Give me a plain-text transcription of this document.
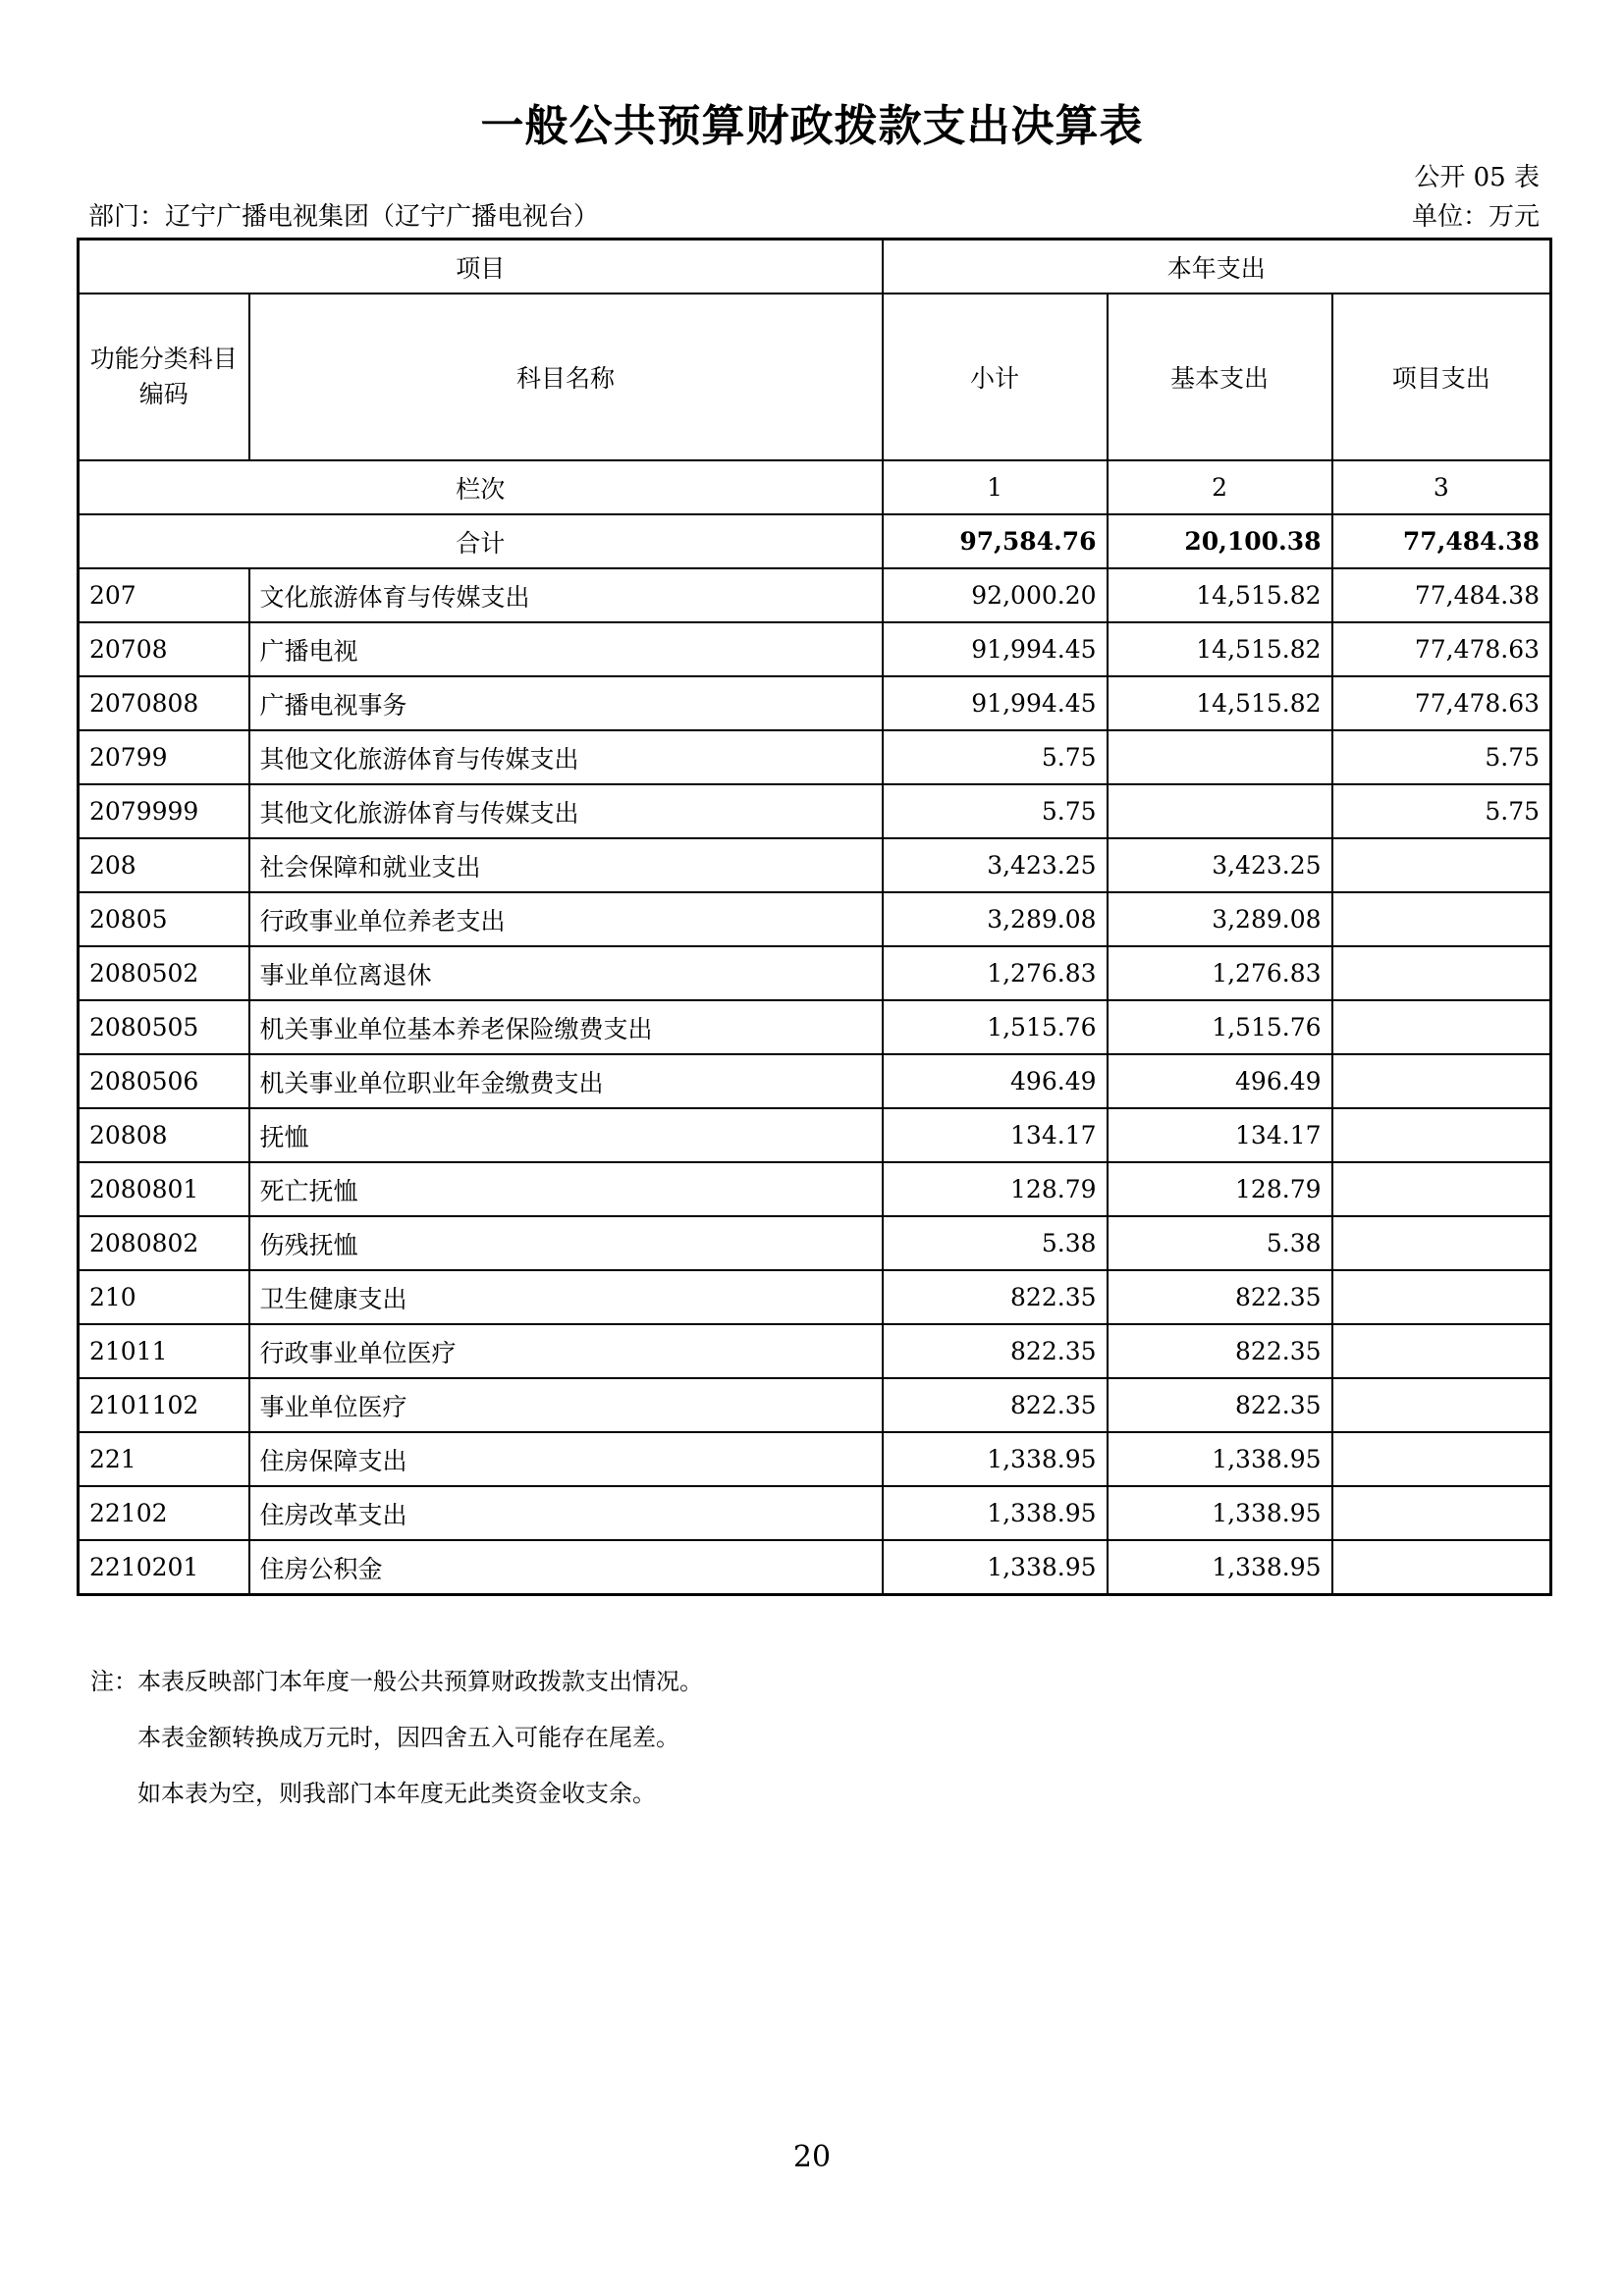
一般公共预算财政拨款支出决算表
公开 05 表
部门：辽宁广播电视集团（辽宁广播电视台）	单位：万元
项目		本年支出		
功能分类科目编码	科目名称	小计	基本支出	项目支出
栏次		1	2	3
合计		97,584.76	20,100.38	77,484.38
207	文化旅游体育与传媒支出	92,000.20	14,515.82	77,484.38
20708	广播电视	91,994.45	14,515.82	77,478.63
2070808	广播电视事务	91,994.45	14,515.82	77,478.63
20799	其他文化旅游体育与传媒支出	5.75		5.75
2079999	其他文化旅游体育与传媒支出	5.75		5.75
208	社会保障和就业支出	3,423.25	3,423.25	
20805	行政事业单位养老支出	3,289.08	3,289.08	
2080502	事业单位离退休	1,276.83	1,276.83	
2080505	机关事业单位基本养老保险缴费支出	1,515.76	1,515.76	
2080506	机关事业单位职业年金缴费支出	496.49	496.49	
20808	抚恤	134.17	134.17	
2080801	死亡抚恤	128.79	128.79	
2080802	伤残抚恤	5.38	5.38	
210	卫生健康支出	822.35	822.35	
21011	行政事业单位医疗	822.35	822.35	
2101102	事业单位医疗	822.35	822.35	
221	住房保障支出	1,338.95	1,338.95	
22102	住房改革支出	1,338.95	1,338.95	
2210201	住房公积金	1,338.95	1,338.95	
注：本表反映部门本年度一般公共预算财政拨款支出情况。
本表金额转换成万元时，因四舍五入可能存在尾差。
如本表为空，则我部门本年度无此类资金收支余。
20
